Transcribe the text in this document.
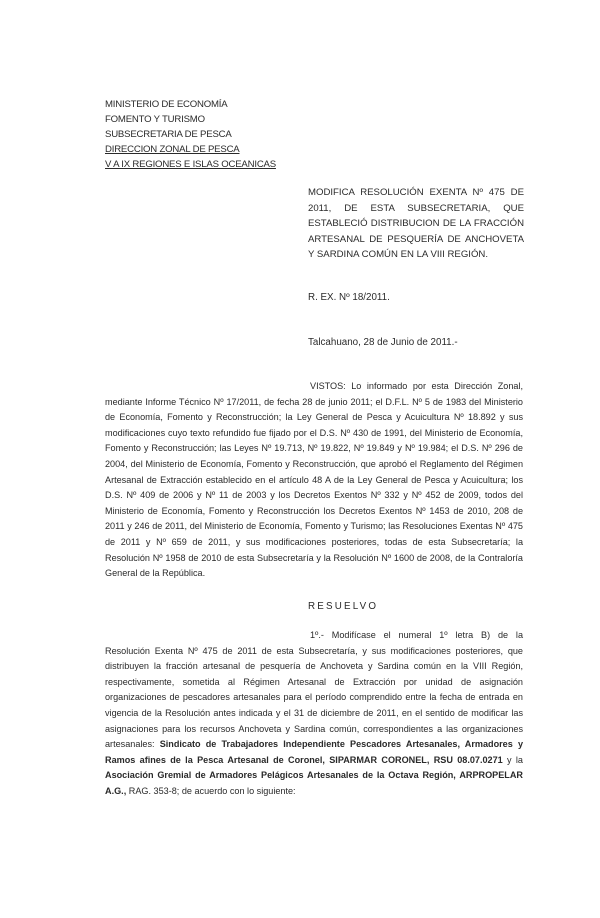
MINISTERIO DE ECONOMÍA
FOMENTO Y TURISMO
SUBSECRETARIA DE PESCA
DIRECCION ZONAL DE PESCA
V A IX REGIONES E ISLAS OCEANICAS
MODIFICA RESOLUCIÓN EXENTA Nº 475 DE 2011, DE ESTA SUBSECRETARIA, QUE ESTABLECIÓ DISTRIBUCION DE LA FRACCIÓN ARTESANAL DE PESQUERÍA DE ANCHOVETA Y SARDINA COMÚN EN LA VIII REGIÓN.
R. EX. Nº 18/2011.
Talcahuano, 28 de Junio de 2011.-
VISTOS: Lo informado por esta Dirección Zonal, mediante Informe Técnico Nº 17/2011, de fecha 28 de junio 2011; el D.F.L. Nº 5 de 1983 del Ministerio de Economía, Fomento y Reconstrucción; la Ley General de Pesca y Acuicultura Nº 18.892 y sus modificaciones cuyo texto refundido fue fijado por el D.S. Nº 430 de 1991, del Ministerio de Economía, Fomento y Reconstrucción; las Leyes Nº 19.713, Nº 19.822, Nº 19.849 y Nº 19.984; el D.S. Nº 296 de 2004, del Ministerio de Economía, Fomento y Reconstrucción, que aprobó el Reglamento del Régimen Artesanal de Extracción establecido en el artículo 48 A de la Ley General de Pesca y Acuicultura; los D.S. Nº 409 de 2006 y Nº 11 de 2003 y los Decretos Exentos Nº 332 y Nº 452 de 2009, todos del Ministerio de Economía, Fomento y Reconstrucción los Decretos Exentos Nº 1453 de 2010, 208 de 2011 y 246 de 2011, del Ministerio de Economía, Fomento y Turismo; las Resoluciones Exentas Nº 475 de 2011 y Nº 659 de 2011, y sus modificaciones posteriores, todas de esta Subsecretaría; la Resolución Nº 1958 de 2010 de esta Subsecretaría y la Resolución Nº 1600 de 2008, de la Contraloría General de la República.
RESUELVO
1º.- Modifícase el numeral 1º letra B) de la Resolución Exenta Nº 475 de 2011 de esta Subsecretaría, y sus modificaciones posteriores, que distribuyen la fracción artesanal de pesquería de Anchoveta y Sardina común en la VIII Región, respectivamente, sometida al Régimen Artesanal de Extracción por unidad de asignación organizaciones de pescadores artesanales para el período comprendido entre la fecha de entrada en vigencia de la Resolución antes indicada y el 31 de diciembre de 2011, en el sentido de modificar las asignaciones para los recursos Anchoveta y Sardina común, correspondientes a las organizaciones artesanales: Sindicato de Trabajadores Independiente Pescadores Artesanales, Armadores y Ramos afines de la Pesca Artesanal de Coronel, SIPARMAR CORONEL, RSU 08.07.0271 y la Asociación Gremial de Armadores Pelágicos Artesanales de la Octava Región, ARPROPELAR A.G., RAG. 353-8; de acuerdo con lo siguiente:
